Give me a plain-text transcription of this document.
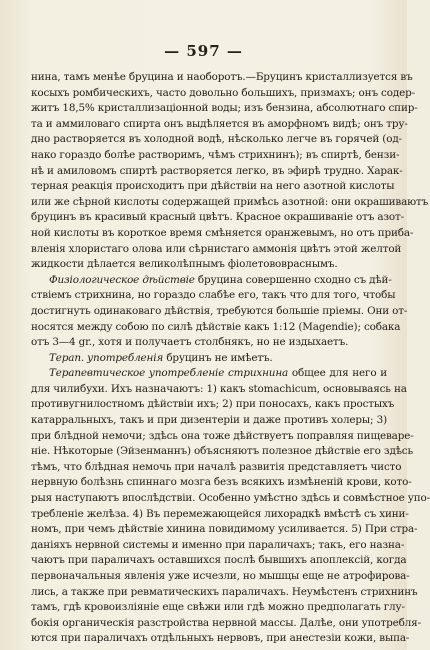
— 597 —
нина, тамъ менѣе бруцина и наоборотъ.—Бруцинъ кристаллизуется въ
косыхъ ромбическихъ, часто довольно большихъ, призмахъ; онъ содер-
житъ 18,5% кристаллизаціонной воды; изъ бензина, абсолютнаго спир-
та и аммиловаго спирта онъ выдѣляется въ аморфномъ видѣ; онъ тру-
дно растворяется въ холодной водѣ, нѣсколько легче въ горячей (од-
нако гораздо болѣе растворимъ, чѣмъ стрихнинъ); въ спиртѣ, бензи-
нѣ и амиловомъ спиртѣ растворяется легко, въ эфирѣ трудно. Харак-
терная реакція происходитъ при дѣйствіи на него азотной кислоты
или же сѣрной кислоты содержащей примѣсь азотной: они окрашиваютъ
бруцинъ въ красивый красный цвѣтъ. Красное окрашиваніе отъ азот-
ной кислоты въ короткое время смѣняется оранжевымъ, но отъ приба-
вленія хлористаго олова или сѣрнистаго аммонія цвѣтъ этой желтой
жидкости дѣлается великолѣпнымъ фіолетововраснымъ.
Физіологическое дѣйствіе бруцина совершенно сходно съ дѣй-
ствіемъ стрихнина, но гораздо слабѣе его, такъ что для того, чтобы
достигнуть одинаковаго дѣйствія, требуются большіе пріемы. Они от-
носятся между собою по силѣ дѣйствіе какъ 1:12 (Magendie); собака
отъ 3—4 gr., хотя и получаетъ столбнякъ, но не издыхаетъ.
Терап. употребленія бруцинъ не имѣетъ.
Терапевтическое употребленіе стрихнина общее для него и
для чилибухи. Ихъ назначаютъ: 1) какъ stomachicum, основываясь на
противугнилостномъ дѣйствіи ихъ; 2) при поносахъ, какъ простыхъ
катарральныхъ, такъ и при дизентеріи и даже противъ холеры; 3)
при блѣдной немочи; здѣсь она тоже дѣйствуетъ поправляя пищеваре-
ніе. Нѣкоторые (Эйзенманнъ) объясняютъ полезное дѣйствіе его здѣсь
тѣмъ, что блѣдная немочь при началѣ развитія представляетъ чисто
нервную болѣзнь спиннаго мозга безъ всякихъ измѣненій крови, кото-
рыя наступаютъ впослѣдствіи. Особенно умѣстно здѣсь и совмѣстное упо-
требленіе желѣза. 4) Въ перемежающейся лихорадкѣ вмѣстѣ съ хини-
номъ, при чемъ дѣйствіе хинина повидимому усиливается. 5) При стра-
даніяхъ нервной системы и именно при параличахъ; такъ, его назна-
чаютъ при параличахъ оставшихся послѣ бывшихъ апоплексій, когда
первоначальныя явленія уже исчезли, но мышцы еще не атрофирова-
лись, а также при ревматическихъ параличахъ. Неумѣстенъ стрихнинъ
тамъ, гдѣ кровоизліяніе еще свѣжи или гдѣ можно предполагать глу-
бокія органическія разстройства нервной массы. Далѣе, они употребля-
ются при параличахъ отдѣльныхъ нервовъ, при анестезіи кожи, выпа-
